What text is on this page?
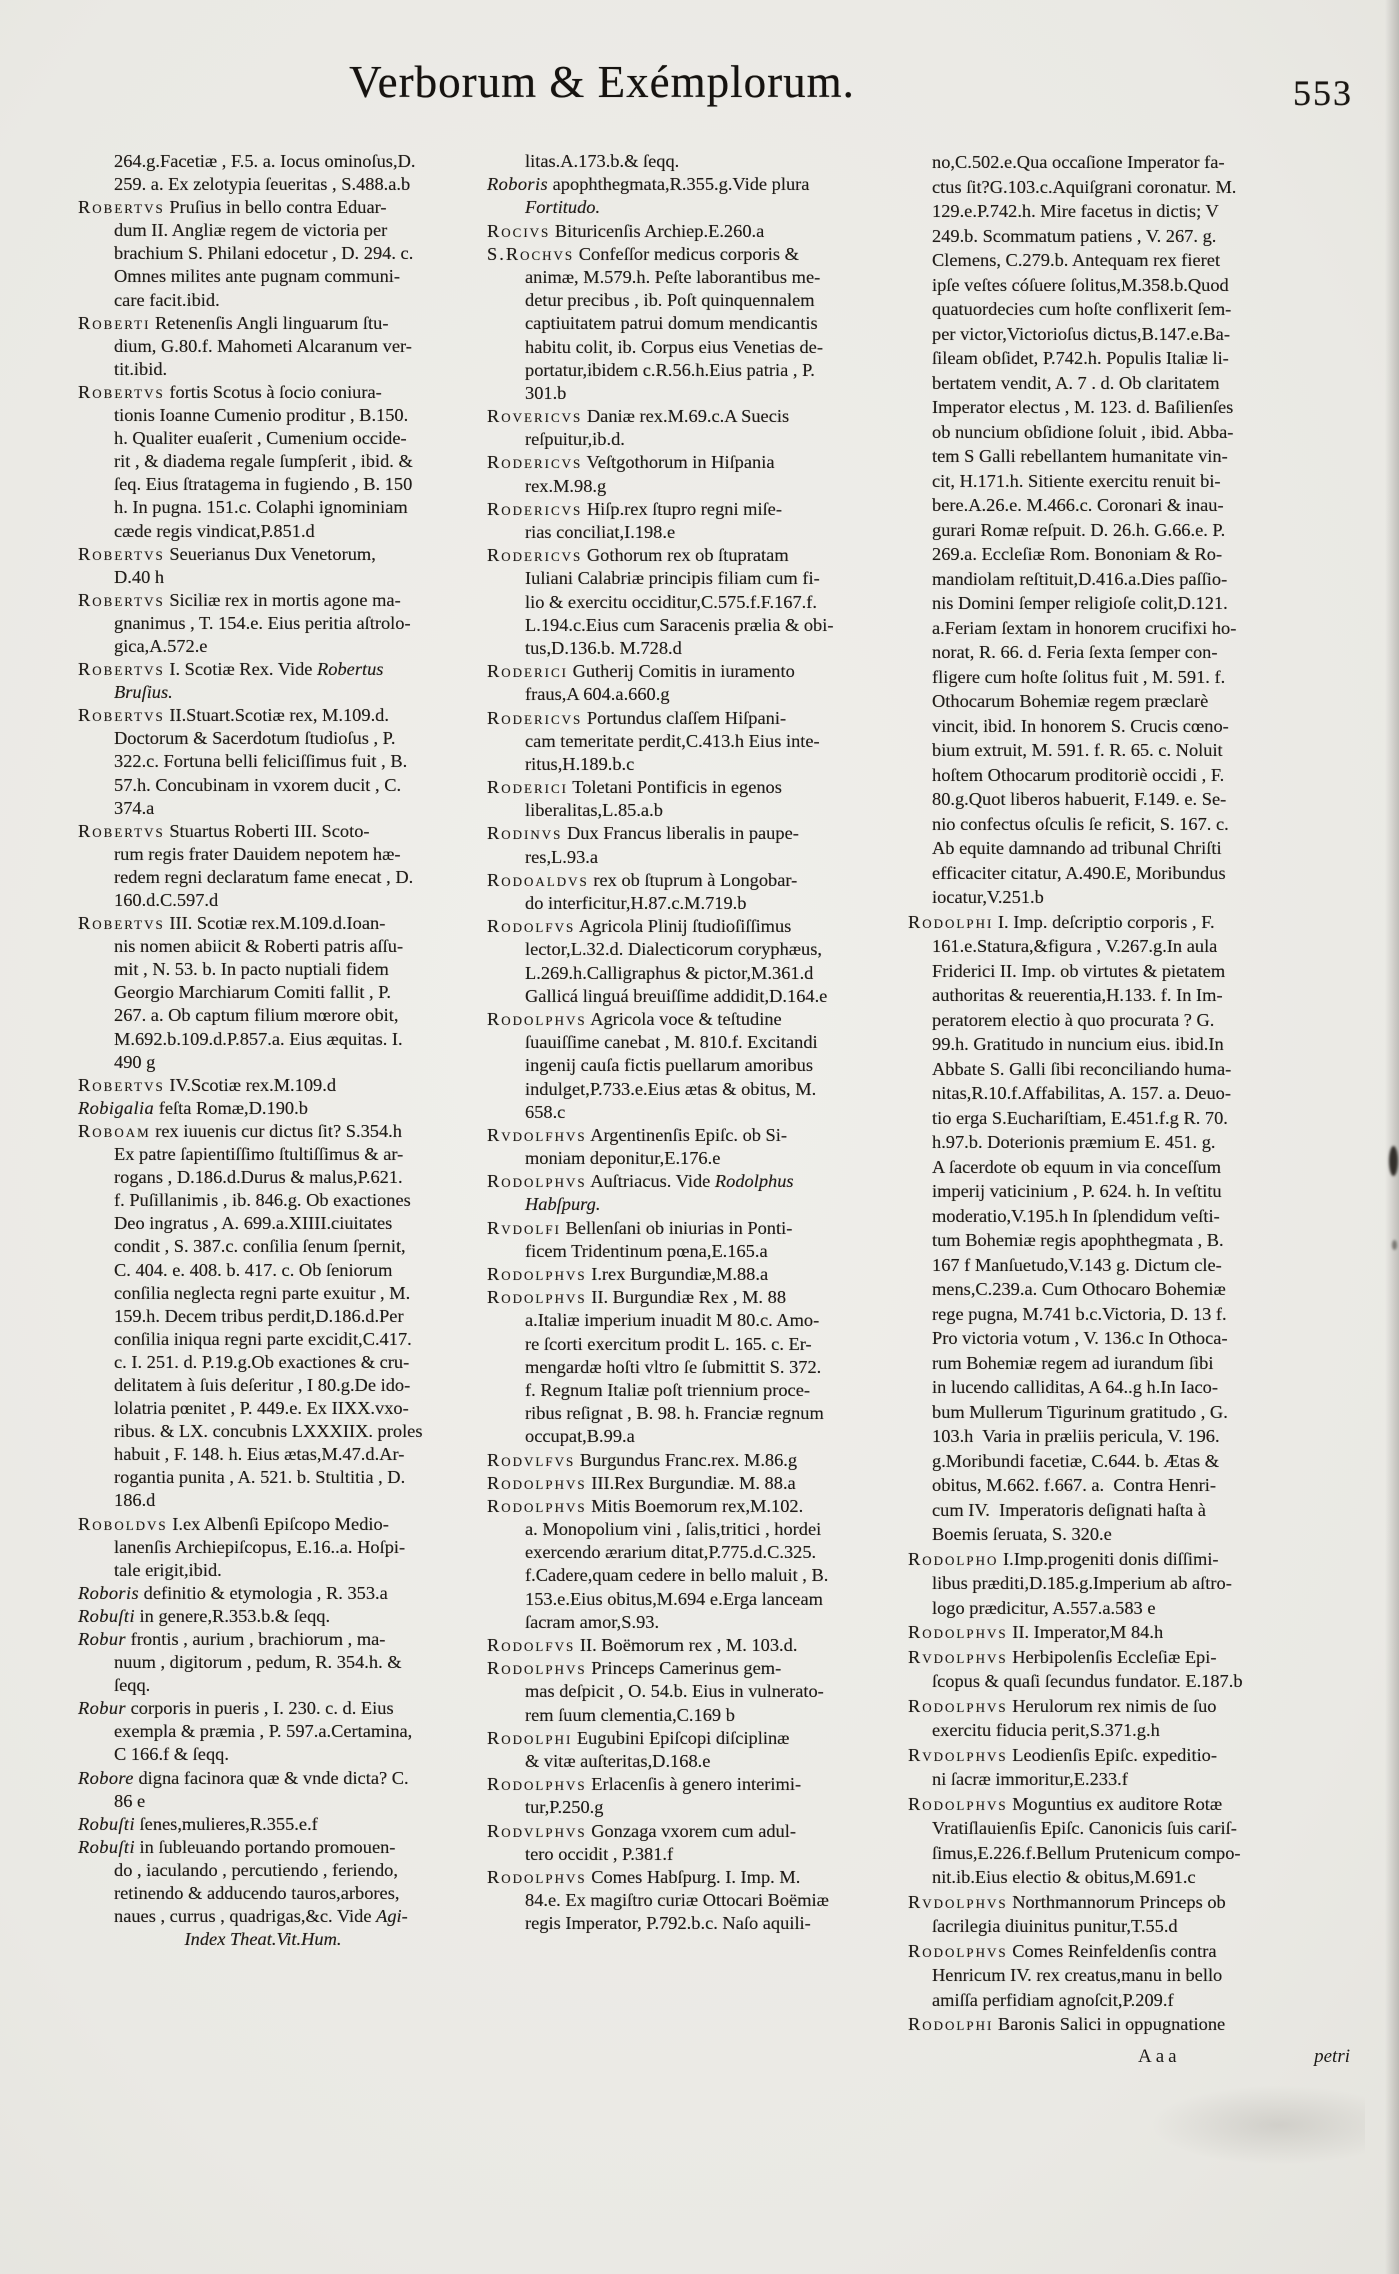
Verborum & Exémplorum.	553
264.g.Facetiæ , F.5. a. Iocus ominoſus,D.
259. a. Ex zelotypia ſeueritas , S.488.a.b
Robertvs Pruſius in bello contra Eduar-
dum II. Angliæ regem de victoria per
brachium S. Philani edocetur , D. 294. c.
Omnes milites ante pugnam communi-
care facit.ibid.
Roberti Retenenſis Angli linguarum ſtu-
dium, G.80.f. Mahometi Alcaranum ver-
tit.ibid.
Robertvs fortis Scotus à ſocio coniura-
tionis Ioanne Cumenio proditur , B.150.
h. Qualiter euaſerit , Cumenium occide-
rit , & diadema regale ſumpſerit , ibid. &
ſeq. Eius ſtratagema in fugiendo , B. 150
h. In pugna. 151.c. Colaphi ignominiam
cæde regis vindicat,P.851.d
Robertvs Seuerianus Dux Venetorum,
D.40 h
Robertvs Siciliæ rex in mortis agone ma-
gnanimus , T. 154.e. Eius peritia aſtrolo-
gica,A.572.e
Robertvs I. Scotiæ Rex. Vide Robertus
Bruſius.
Robertvs II.Stuart.Scotiæ rex, M.109.d.
Doctorum & Sacerdotum ſtudioſus , P.
322.c. Fortuna belli feliciſſimus fuit , B.
57.h. Concubinam in vxorem ducit , C.
374.a
Robertvs Stuartus Roberti III. Scoto-
rum regis frater Dauidem nepotem hæ-
redem regni declaratum fame enecat , D.
160.d.C.597.d
Robertvs III. Scotiæ rex.M.109.d.Ioan-
nis nomen abiicit & Roberti patris aſſu-
mit , N. 53. b. In pacto nuptiali fidem
Georgio Marchiarum Comiti fallit , P.
267. a. Ob captum filium mœrore obit,
M.692.b.109.d.P.857.a. Eius æquitas. I.
490 g
Robertvs IV.Scotiæ rex.M.109.d
Robigalia feſta Romæ,D.190.b
Roboam rex iuuenis cur dictus ſit? S.354.h
Ex patre ſapientiſſimo ſtultiſſimus & ar-
rogans , D.186.d.Durus & malus,P.621.
f. Puſillanimis , ib. 846.g. Ob exactiones
Deo ingratus , A. 699.a.XIIII.ciuitates
condit , S. 387.c. conſilia ſenum ſpernit,
C. 404. e. 408. b. 417. c. Ob ſeniorum
conſilia neglecta regni parte exuitur , M.
159.h. Decem tribus perdit,D.186.d.Per
conſilia iniqua regni parte excidit,C.417.
c. I. 251. d. P.19.g.Ob exactiones & cru-
delitatem à ſuis deſeritur , I 80.g.De ido-
lolatria pœnitet , P. 449.e. Ex IIXX.vxo-
ribus. & LX. concubnis LXXXIIX. proles
habuit , F. 148. h. Eius ætas,M.47.d.Ar-
rogantia punita , A. 521. b. Stultitia , D.
186.d
Roboldvs I.ex Albenſi Epiſcopo Medio-
lanenſis Archiepiſcopus, E.16..a. Hoſpi-
tale erigit,ibid.
Roboris definitio & etymologia , R. 353.a
Robuſti in genere,R.353.b.& ſeqq.
Robur frontis , aurium , brachiorum , ma-
nuum , digitorum , pedum, R. 354.h. &
ſeqq.
Robur corporis in pueris , I. 230. c. d. Eius
exempla & præmia , P. 597.a.Certamina,
C 166.f & ſeqq.
Robore digna facinora quæ & vnde dicta? C.
86 e
Robuſti ſenes,mulieres,R.355.e.f
Robuſti in ſubleuando portando promouen-
do , iaculando , percutiendo , feriendo,
retinendo & adducendo tauros,arbores,
naues , currus , quadrigas,&c. Vide Agi-
Index Theat.Vit.Hum.
litas.A.173.b.& ſeqq.
Roboris apophthegmata,R.355.g.Vide plura
Fortitudo.
Rocivs Bituricenſis Archiep.E.260.a
S.Rochvs Confeſſor medicus corporis &
animæ, M.579.h. Peſte laborantibus me-
detur precibus , ib. Poſt quinquennalem
captiuitatem patrui domum mendicantis
habitu colit, ib. Corpus eius Venetias de-
portatur,ibidem c.R.56.h.Eius patria , P.
301.b
Rovericvs Daniæ rex.M.69.c.A Suecis
reſpuitur,ib.d.
Rodericvs Veſtgothorum in Hiſpania
rex.M.98.g
Rodericvs Hiſp.rex ſtupro regni miſe-
rias conciliat,I.198.e
Rodericvs Gothorum rex ob ſtupratam
Iuliani Calabriæ principis filiam cum fi-
lio & exercitu occiditur,C.575.f.F.167.f.
L.194.c.Eius cum Saracenis prælia & obi-
tus,D.136.b. M.728.d
Roderici Gutherij Comitis in iuramento
fraus,A 604.a.660.g
Rodericvs Portundus claſſem Hiſpani-
cam temeritate perdit,C.413.h Eius inte-
ritus,H.189.b.c
Roderici Toletani Pontificis in egenos
liberalitas,L.85.a.b
Rodinvs Dux Francus liberalis in paupe-
res,L.93.a
Rodoaldvs rex ob ſtuprum à Longobar-
do interficitur,H.87.c.M.719.b
Rodolfvs Agricola Plinij ſtudioſiſſimus
lector,L.32.d. Dialecticorum coryphæus,
L.269.h.Calligraphus & pictor,M.361.d
Gallicá linguá breuiſſime addidit,D.164.e
Rodolphvs Agricola voce & teſtudine
ſuauiſſime canebat , M. 810.f. Excitandi
ingenij cauſa fictis puellarum amoribus
indulget,P.733.e.Eius ætas & obitus, M.
658.c
Rvdolfhvs Argentinenſis Epiſc. ob Si-
moniam deponitur,E.176.e
Rodolphvs Auſtriacus. Vide Rodolphus
Habſpurg.
Rvdolfi Bellenſani ob iniurias in Ponti-
ficem Tridentinum pœna,E.165.a
Rodolphvs I.rex Burgundiæ,M.88.a
Rodolphvs II. Burgundiæ Rex , M. 88
a.Italiæ imperium inuadit M 80.c. Amo-
re ſcorti exercitum prodit L. 165. c. Er-
mengardæ hoſti vltro ſe ſubmittit S. 372.
f. Regnum Italiæ poſt triennium proce-
ribus reſignat , B. 98. h. Franciæ regnum
occupat,B.99.a
Rodvlfvs Burgundus Franc.rex. M.86.g
Rodolphvs III.Rex Burgundiæ. M. 88.a
Rodolphvs Mitis Boemorum rex,M.102.
a. Monopolium vini , ſalis,tritici , hordei
exercendo ærarium ditat,P.775.d.C.325.
f.Cadere,quam cedere in bello maluit , B.
153.e.Eius obitus,M.694 e.Erga lanceam
ſacram amor,S.93.
Rodolfvs II. Boëmorum rex , M. 103.d.
Rodolphvs Princeps Camerinus gem-
mas deſpicit , O. 54.b. Eius in vulnerato-
rem ſuum clementia,C.169 b
Rodolphi Eugubini Epiſcopi diſciplinæ
& vitæ auſteritas,D.168.e
Rodolphvs Erlacenſis à genero interimi-
tur,P.250.g
Rodvlphvs Gonzaga vxorem cum adul-
tero occidit , P.381.f
Rodolphvs Comes Habſpurg. I. Imp. M.
84.e. Ex magiſtro curiæ Ottocari Boëmiæ
regis Imperator, P.792.b.c. Naſo aquili-
no,C.502.e.Qua occaſione Imperator fa-
ctus ſit?G.103.c.Aquiſgrani coronatur. M.
129.e.P.742.h. Mire facetus in dictis; V
249.b. Scommatum patiens , V. 267. g.
Clemens, C.279.b. Antequam rex fieret
ipſe veſtes cóſuere ſolitus,M.358.b.Quod
quatuordecies cum hoſte conflixerit ſem-
per victor,Victorioſus dictus,B.147.e.Ba-
ſileam obſidet, P.742.h. Populis Italiæ li-
bertatem vendit, A. 7 . d. Ob claritatem
Imperator electus , M. 123. d. Baſilienſes
ob nuncium obſidione ſoluit , ibid. Abba-
tem S Galli rebellantem humanitate vin-
cit, H.171.h. Sitiente exercitu renuit bi-
bere.A.26.e. M.466.c. Coronari & inau-
gurari Romæ reſpuit. D. 26.h. G.66.e. P.
269.a. Eccleſiæ Rom. Bononiam & Ro-
mandiolam reſtituit,D.416.a.Dies paſſio-
nis Domini ſemper religioſe colit,D.121.
a.Feriam ſextam in honorem crucifixi ho-
norat, R. 66. d. Feria ſexta ſemper con-
fligere cum hoſte ſolitus fuit , M. 591. f.
Othocarum Bohemiæ regem præclarè
vincit, ibid. In honorem S. Crucis cœno-
bium extruit, M. 591. f. R. 65. c. Noluit
hoſtem Othocarum proditoriè occidi , F.
80.g.Quot liberos habuerit, F.149. e. Se-
nio confectus oſculis ſe reficit, S. 167. c.
Ab equite damnando ad tribunal Chriſti
efficaciter citatur, A.490.E, Moribundus
iocatur,V.251.b
Rodolphi I. Imp. deſcriptio corporis , F.
161.e.Statura,&figura , V.267.g.In aula
Friderici II. Imp. ob virtutes & pietatem
authoritas & reuerentia,H.133. f. In Im-
peratorem electio à quo procurata ? G.
99.h. Gratitudo in nuncium eius. ibid.In
Abbate S. Galli ſibi reconciliando huma-
nitas,R.10.f.Affabilitas, A. 157. a. Deuo-
tio erga S.Euchariſtiam, E.451.f.g R. 70.
h.97.b. Doterionis præmium E. 451. g.
A ſacerdote ob equum in via conceſſum
imperij vaticinium , P. 624. h. In veſtitu
moderatio,V.195.h In ſplendidum veſti-
tum Bohemiæ regis apophthegmata , B.
167 f Manſuetudo,V.143 g. Dictum cle-
mens,C.239.a. Cum Othocaro Bohemiæ
rege pugna, M.741 b.c.Victoria, D. 13 f.
Pro victoria votum , V. 136.c In Othoca-
rum Bohemiæ regem ad iurandum ſibi
in lucendo calliditas, A 64..g h.In Iaco-
bum Mullerum Tigurinum gratitudo , G.
103.h  Varia in præliis pericula, V. 196.
g.Moribundi facetiæ, C.644. b. Ætas &
obitus, M.662. f.667. a.  Contra Henri-
cum IV.  Imperatoris deſignati haſta à
Boemis ſeruata, S. 320.e
Rodolpho I.Imp.progeniti donis diſſimi-
libus præditi,D.185.g.Imperium ab aſtro-
logo prædicitur, A.557.a.583 e
Rodolphvs II. Imperator,M 84.h
Rvdolphvs Herbipolenſis Eccleſiæ Epi-
ſcopus & quaſi ſecundus fundator. E.187.b
Rodolphvs Herulorum rex nimis de ſuo
exercitu fiducia perit,S.371.g.h
Rvdolphvs Leodienſis Epiſc. expeditio-
ni ſacræ immoritur,E.233.f
Rodolphvs Moguntius ex auditore Rotæ
Vratiſlauienſis Epiſc. Canonicis ſuis cariſ-
ſimus,E.226.f.Bellum Prutenicum compo-
nit.ib.Eius electio & obitus,M.691.c
Rvdolphvs Northmannorum Princeps ob
ſacrilegia diuinitus punitur,T.55.d
Rodolphvs Comes Reinfeldenſis contra
Henricum IV. rex creatus,manu in bello
amiſſa perfidiam agnoſcit,P.209.f
Rodolphi Baronis Salici in oppugnatione
Aaa	petri
